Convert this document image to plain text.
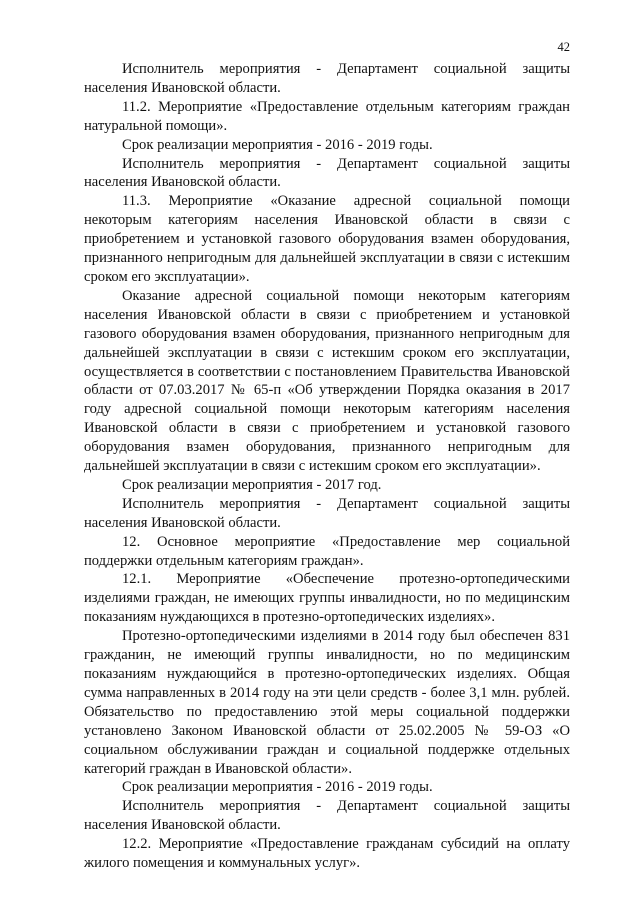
42

Исполнитель мероприятия - Департамент социальной защиты населения Ивановской области.

11.2. Мероприятие «Предоставление отдельным категориям граждан натуральной помощи».

Срок реализации мероприятия - 2016 - 2019 годы.

Исполнитель мероприятия - Департамент социальной защиты населения Ивановской области.

11.3. Мероприятие «Оказание адресной социальной помощи некоторым категориям населения Ивановской области в связи с приобретением и установкой газового оборудования взамен оборудования, признанного непригодным для дальнейшей эксплуатации в связи с истекшим сроком его эксплуатации».

Оказание адресной социальной помощи некоторым категориям населения Ивановской области в связи с приобретением и установкой газового оборудования взамен оборудования, признанного непригодным для дальнейшей эксплуатации в связи с истекшим сроком его эксплуатации, осуществляется в соответствии с постановлением Правительства Ивановской области от 07.03.2017 № 65-п «Об утверждении Порядка оказания в 2017 году адресной социальной помощи некоторым категориям населения Ивановской области в связи с приобретением и установкой газового оборудования взамен оборудования, признанного непригодным для дальнейшей эксплуатации в связи с истекшим сроком его эксплуатации».

Срок реализации мероприятия - 2017 год.

Исполнитель мероприятия - Департамент социальной защиты населения Ивановской области.

12. Основное мероприятие «Предоставление мер социальной поддержки отдельным категориям граждан».

12.1. Мероприятие «Обеспечение протезно-ортопедическими изделиями граждан, не имеющих группы инвалидности, но по медицинским показаниям нуждающихся в протезно-ортопедических изделиях».

Протезно-ортопедическими изделиями в 2014 году был обеспечен 831 гражданин, не имеющий группы инвалидности, но по медицинским показаниям нуждающийся в протезно-ортопедических изделиях. Общая сумма направленных в 2014 году на эти цели средств - более 3,1 млн. рублей. Обязательство по предоставлению этой меры социальной поддержки установлено Законом Ивановской области от 25.02.2005 № 59-ОЗ «О социальном обслуживании граждан и социальной поддержке отдельных категорий граждан в Ивановской области».

Срок реализации мероприятия - 2016 - 2019 годы.

Исполнитель мероприятия - Департамент социальной защиты населения Ивановской области.

12.2. Мероприятие «Предоставление гражданам субсидий на оплату жилого помещения и коммунальных услуг».
